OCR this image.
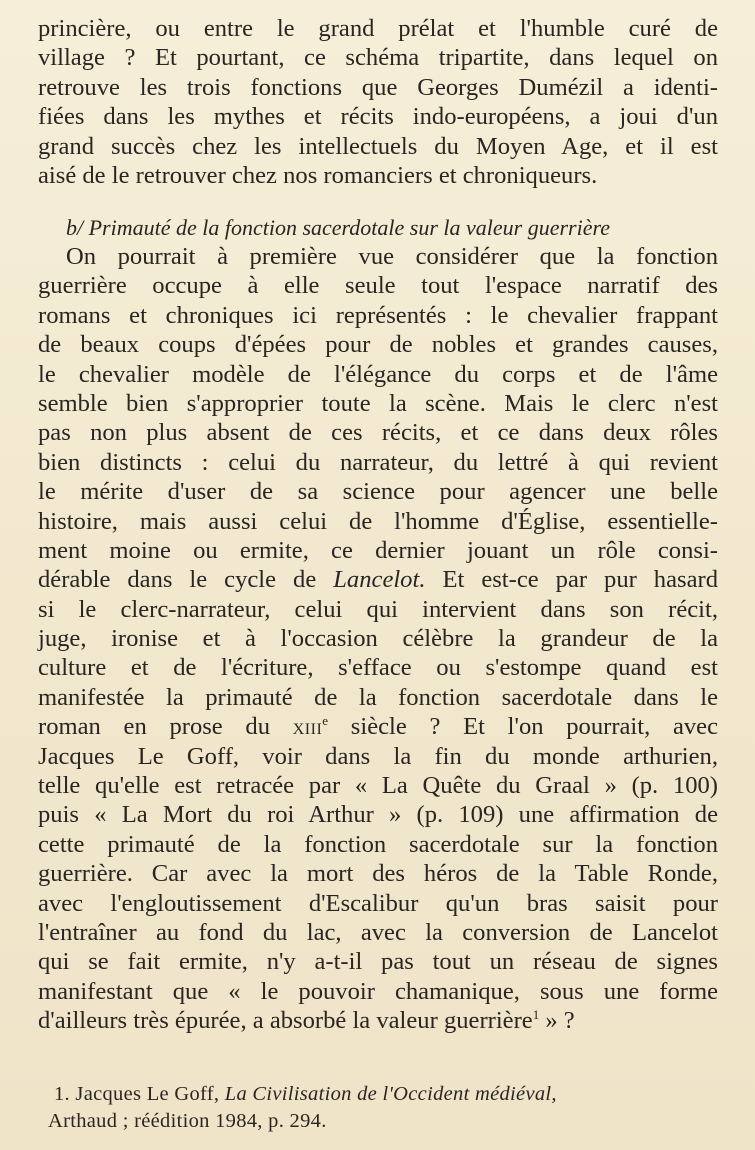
princière, ou entre le grand prélat et l'humble curé de
village ? Et pourtant, ce schéma tripartite, dans lequel on
retrouve les trois fonctions que Georges Dumézil a identi-
fiées dans les mythes et récits indo-européens, a joui d'un
grand succès chez les intellectuels du Moyen Age, et il est
aisé de le retrouver chez nos romanciers et chroniqueurs.
b/ Primauté de la fonction sacerdotale sur la valeur guerrière
On pourrait à première vue considérer que la fonction
guerrière occupe à elle seule tout l'espace narratif des
romans et chroniques ici représentés : le chevalier frappant
de beaux coups d'épées pour de nobles et grandes causes,
le chevalier modèle de l'élégance du corps et de l'âme
semble bien s'approprier toute la scène. Mais le clerc n'est
pas non plus absent de ces récits, et ce dans deux rôles
bien distincts : celui du narrateur, du lettré à qui revient
le mérite d'user de sa science pour agencer une belle
histoire, mais aussi celui de l'homme d'Église, essentielle-
ment moine ou ermite, ce dernier jouant un rôle consi-
dérable dans le cycle de Lancelot. Et est-ce par pur hasard
si le clerc-narrateur, celui qui intervient dans son récit,
juge, ironise et à l'occasion célèbre la grandeur de la
culture et de l'écriture, s'efface ou s'estompe quand est
manifestée la primauté de la fonction sacerdotale dans le
roman en prose du XIIIe siècle ? Et l'on pourrait, avec
Jacques Le Goff, voir dans la fin du monde arthurien,
telle qu'elle est retracée par « La Quête du Graal » (p. 100)
puis « La Mort du roi Arthur » (p. 109) une affirmation de
cette primauté de la fonction sacerdotale sur la fonction
guerrière. Car avec la mort des héros de la Table Ronde,
avec l'engloutissement d'Escalibur qu'un bras saisit pour
l'entraîner au fond du lac, avec la conversion de Lancelot
qui se fait ermite, n'y a-t-il pas tout un réseau de signes
manifestant que « le pouvoir chamanique, sous une forme
d'ailleurs très épurée, a absorbé la valeur guerrière$^1$ » ?
1. Jacques Le Goff, La Civilisation de l'Occident médiéval,
Arthaud ; réédition 1984, p. 294.
